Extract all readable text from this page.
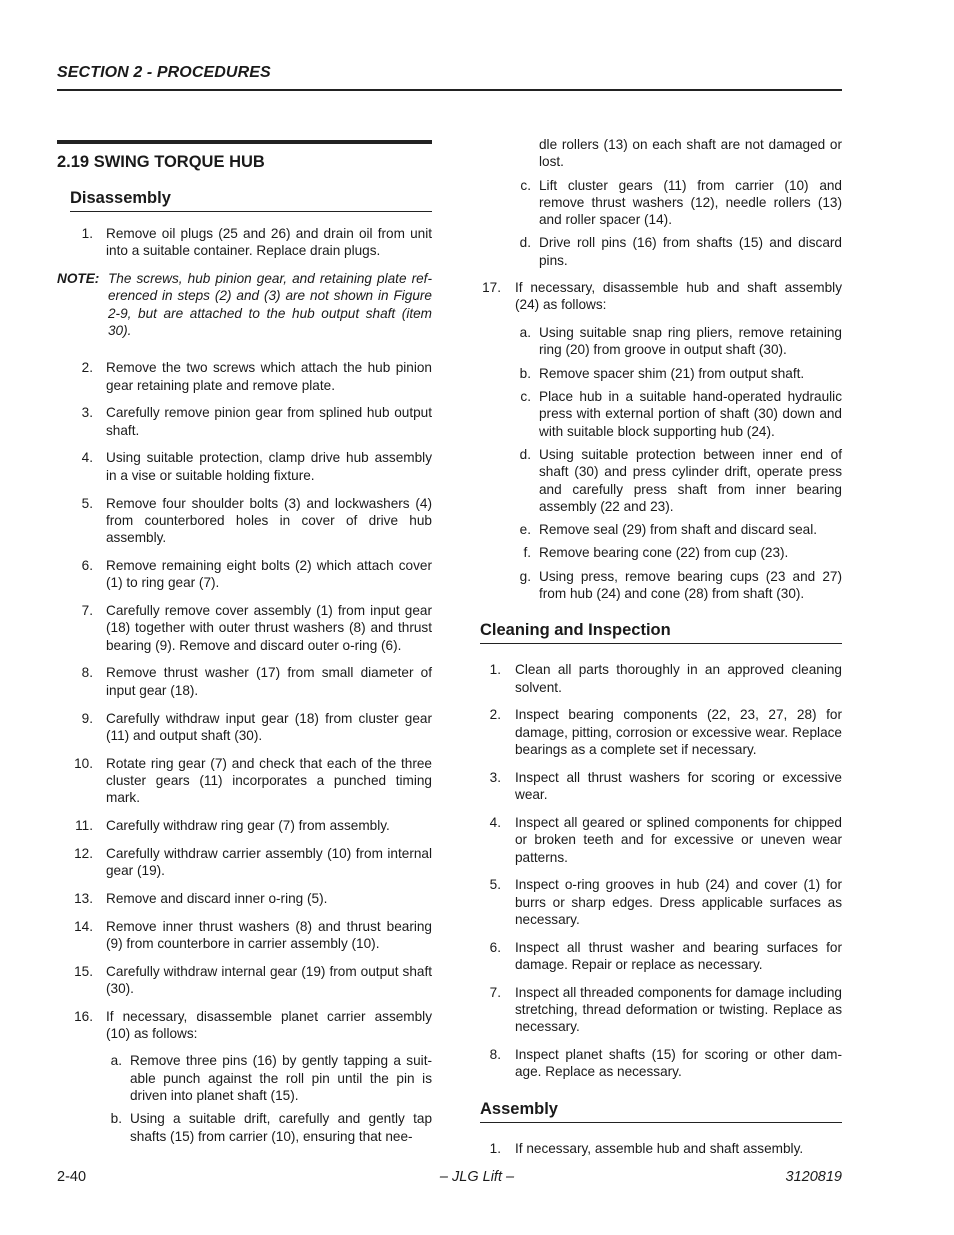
SECTION 2 - PROCEDURES
2.19 SWING TORQUE HUB
Disassembly
1. Remove oil plugs (25 and 26) and drain oil from unit into a suitable container. Replace drain plugs.
NOTE: The screws, hub pinion gear, and retaining plate referenced in steps (2) and (3) are not shown in Figure 2-9, but are attached to the hub output shaft (item 30).
2. Remove the two screws which attach the hub pinion gear retaining plate and remove plate.
3. Carefully remove pinion gear from splined hub output shaft.
4. Using suitable protection, clamp drive hub assembly in a vise or suitable holding fixture.
5. Remove four shoulder bolts (3) and lockwashers (4) from counterbored holes in cover of drive hub assembly.
6. Remove remaining eight bolts (2) which attach cover (1) to ring gear (7).
7. Carefully remove cover assembly (1) from input gear (18) together with outer thrust washers (8) and thrust bearing (9). Remove and discard outer o-ring (6).
8. Remove thrust washer (17) from small diameter of input gear (18).
9. Carefully withdraw input gear (18) from cluster gear (11) and output shaft (30).
10. Rotate ring gear (7) and check that each of the three cluster gears (11) incorporates a punched timing mark.
11. Carefully withdraw ring gear (7) from assembly.
12. Carefully withdraw carrier assembly (10) from internal gear (19).
13. Remove and discard inner o-ring (5).
14. Remove inner thrust washers (8) and thrust bearing (9) from counterbore in carrier assembly (10).
15. Carefully withdraw internal gear (19) from output shaft (30).
16. If necessary, disassemble planet carrier assembly (10) as follows:
a. Remove three pins (16) by gently tapping a suitable punch against the roll pin until the pin is driven into planet shaft (15).
b. Using a suitable drift, carefully and gently tap shafts (15) from carrier (10), ensuring that nee-
dle rollers (13) on each shaft are not damaged or lost.
c. Lift cluster gears (11) from carrier (10) and remove thrust washers (12), needle rollers (13) and roller spacer (14).
d. Drive roll pins (16) from shafts (15) and discard pins.
17. If necessary, disassemble hub and shaft assembly (24) as follows:
a. Using suitable snap ring pliers, remove retaining ring (20) from groove in output shaft (30).
b. Remove spacer shim (21) from output shaft.
c. Place hub in a suitable hand-operated hydraulic press with external portion of shaft (30) down and with suitable block supporting hub (24).
d. Using suitable protection between inner end of shaft (30) and press cylinder drift, operate press and carefully press shaft from inner bearing assembly (22 and 23).
e. Remove seal (29) from shaft and discard seal.
f. Remove bearing cone (22) from cup (23).
g. Using press, remove bearing cups (23 and 27) from hub (24) and cone (28) from shaft (30).
Cleaning and Inspection
1. Clean all parts thoroughly in an approved cleaning solvent.
2. Inspect bearing components (22, 23, 27, 28) for damage, pitting, corrosion or excessive wear. Replace bearings as a complete set if necessary.
3. Inspect all thrust washers for scoring or excessive wear.
4. Inspect all geared or splined components for chipped or broken teeth and for excessive or uneven wear patterns.
5. Inspect o-ring grooves in hub (24) and cover (1) for burrs or sharp edges. Dress applicable surfaces as necessary.
6. Inspect all thrust washer and bearing surfaces for damage. Repair or replace as necessary.
7. Inspect all threaded components for damage including stretching, thread deformation or twisting. Replace as necessary.
8. Inspect planet shafts (15) for scoring or other damage. Replace as necessary.
Assembly
1. If necessary, assemble hub and shaft assembly.
2-40	– JLG Lift –	3120819
